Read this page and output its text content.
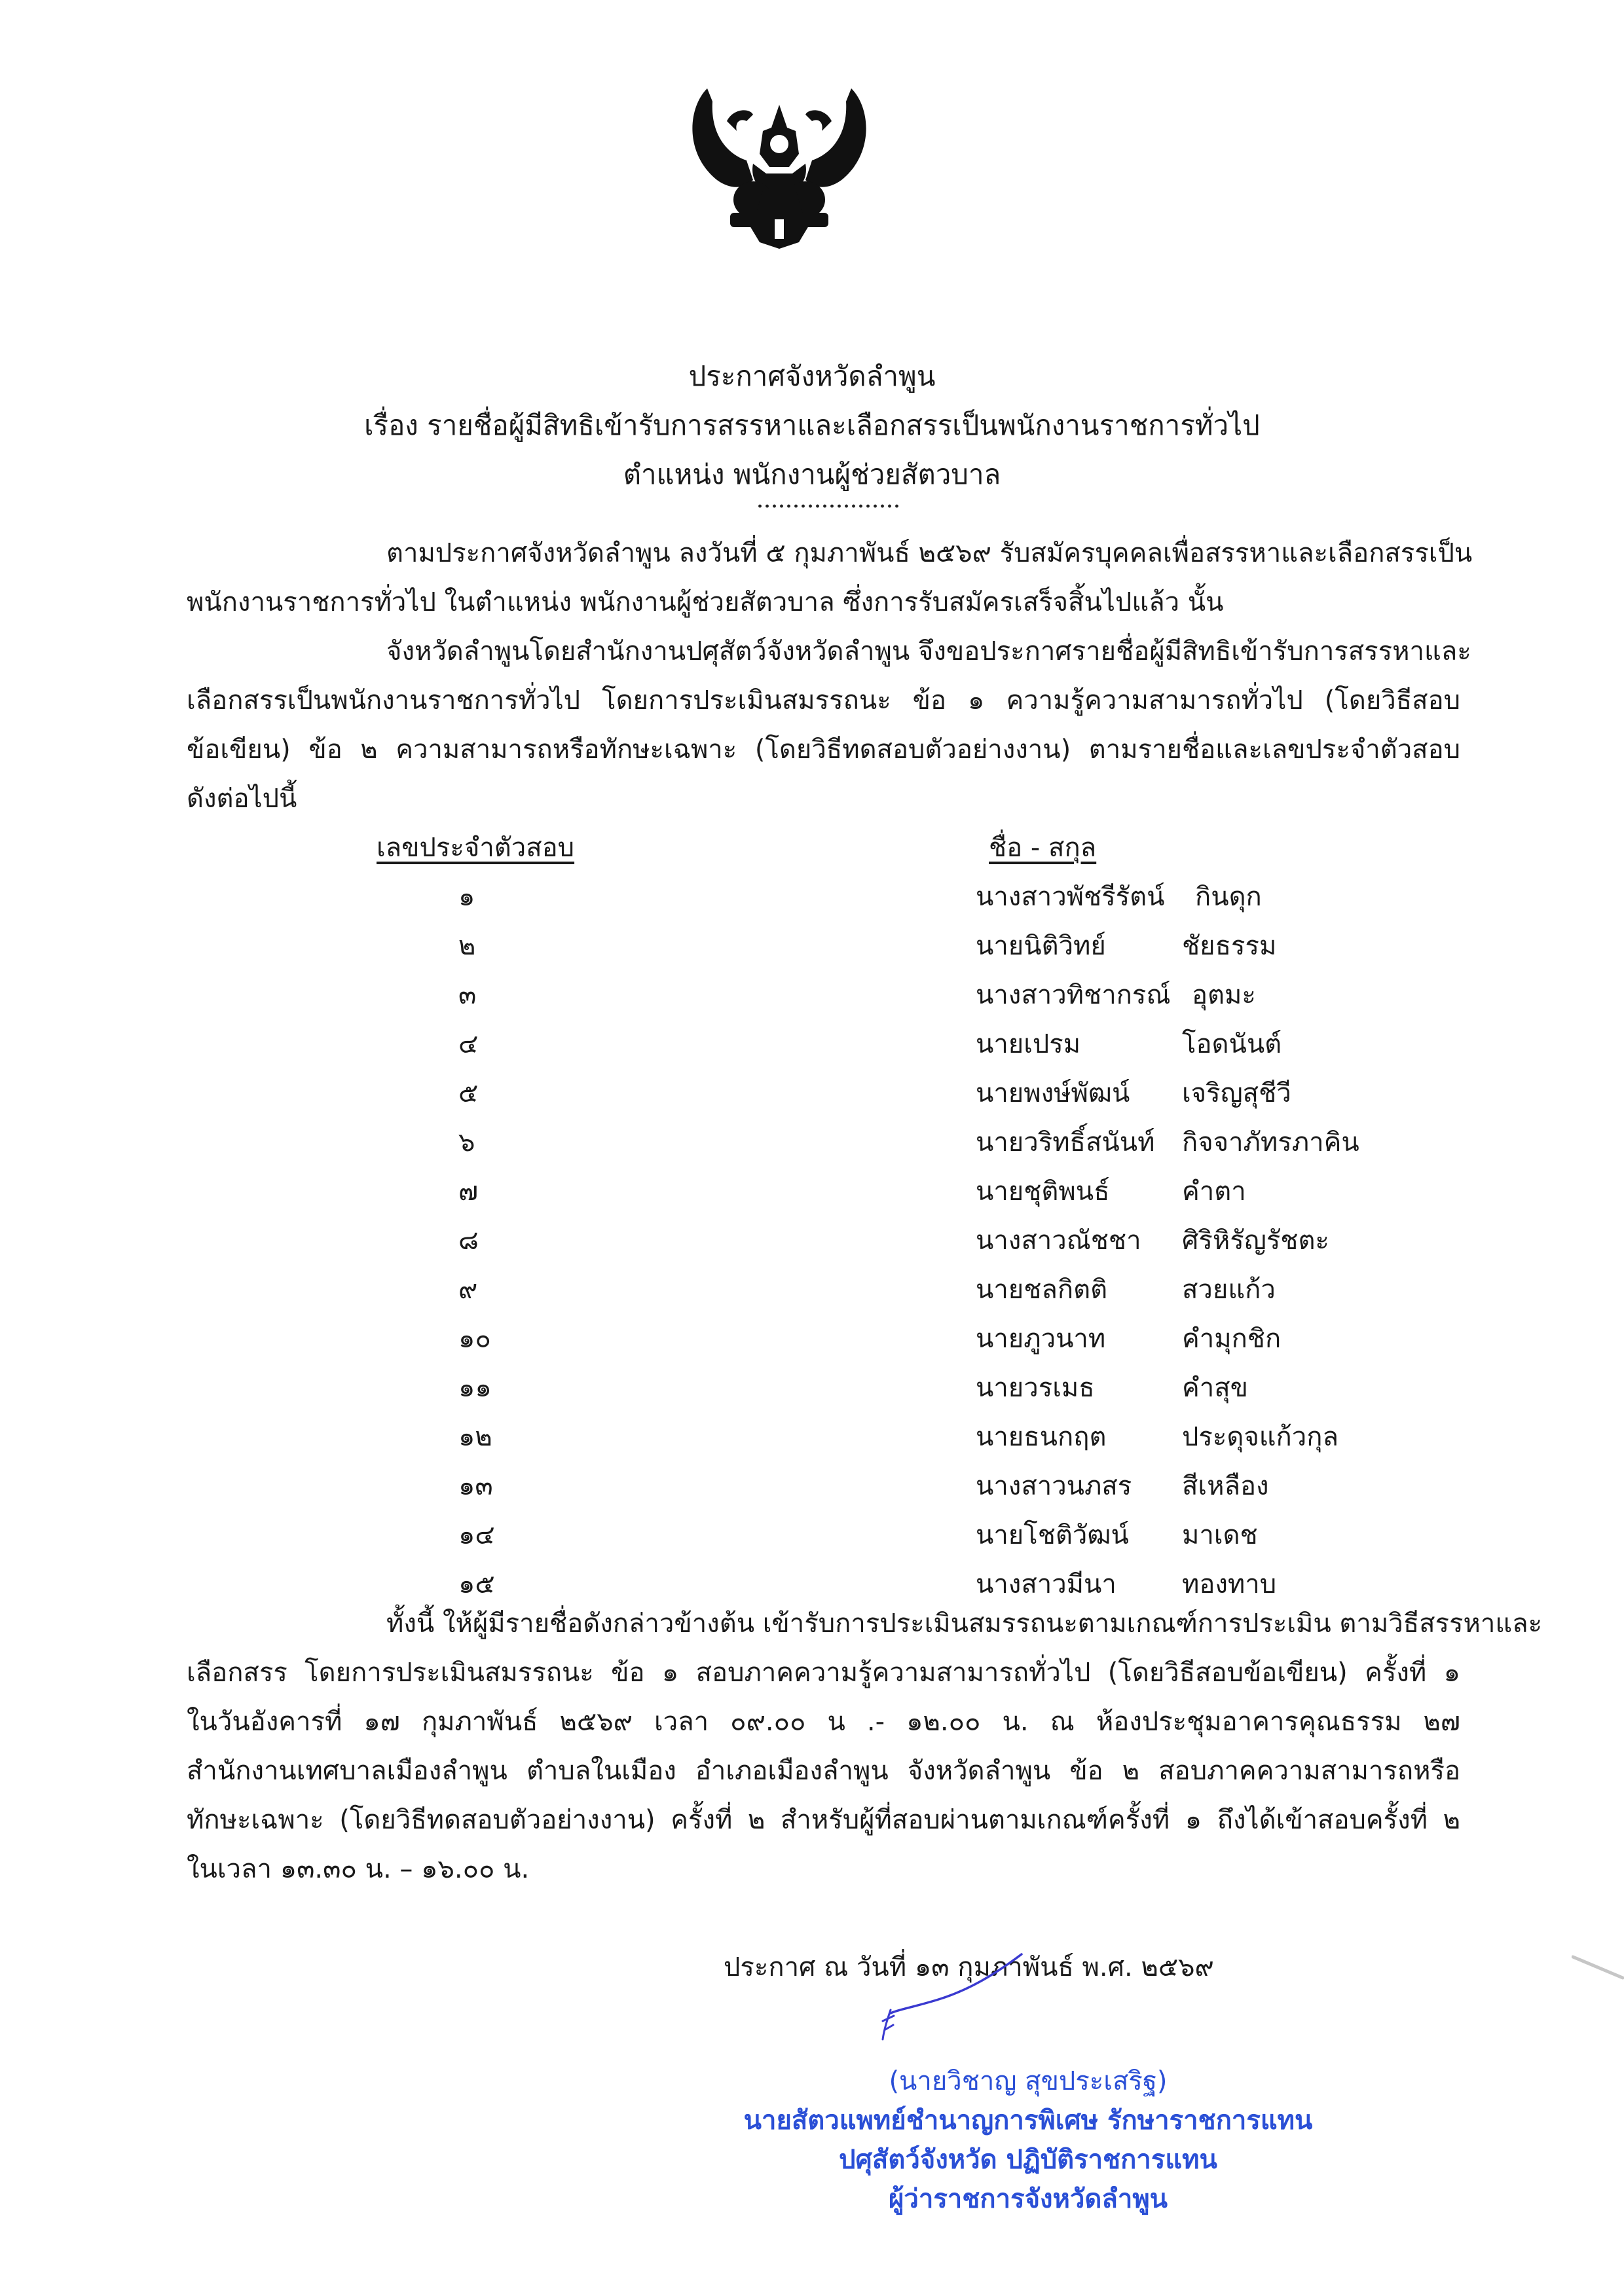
ประกาศจังหวัดลำพูน
เรื่อง รายชื่อผู้มีสิทธิเข้ารับการสรรหาและเลือกสรรเป็นพนักงานราชการทั่วไป
ตำแหน่ง พนักงานผู้ช่วยสัตวบาล
ตามประกาศจังหวัดลำพูน ลงวันที่ ๕ กุมภาพันธ์ ๒๕๖๙ รับสมัครบุคคลเพื่อสรรหาและเลือกสรรเป็น
พนักงานราชการทั่วไป ในตำแหน่ง พนักงานผู้ช่วยสัตวบาล ซึ่งการรับสมัครเสร็จสิ้นไปแล้ว นั้น
จังหวัดลำพูนโดยสำนักงานปศุสัตว์จังหวัดลำพูน จึงขอประกาศรายชื่อผู้มีสิทธิเข้ารับการสรรหาและ
เลือกสรรเป็นพนักงานราชการทั่วไป โดยการประเมินสมรรถนะ ข้อ ๑ ความรู้ความสามารถทั่วไป (โดยวิธีสอบ
ข้อเขียน) ข้อ ๒ ความสามารถหรือทักษะเฉพาะ (โดยวิธีทดสอบตัวอย่างงาน) ตามรายชื่อและเลขประจำตัวสอบ
ดังต่อไปนี้
เลขประจำตัวสอบ	ชื่อ - สกุล
๑	นางสาวพัชรีรัตน์ กินดุก
๒	นายนิติวิทย์	ชัยธรรม
๓	นางสาวทิชากรณ์ อุตมะ
๔	นายเปรม	โอดนันต์
๕	นายพงษ์พัฒน์ เจริญสุชีวี
๖	นายวริทธิ์สนันท์ กิจจาภัทรภาคิน
๗	นายชุติพนธ์	คำตา
๘	นางสาวณัชชา ศิริหิรัญรัชตะ
๙	นายชลกิตติ	สวยแก้ว
๑๐	นายภูวนาท	คำมุกชิก
๑๑	นายวรเมธ	คำสุข
๑๒	นายธนกฤต	ประดุจแก้วกุล
๑๓	นางสาวนภสร สีเหลือง
๑๔	นายโชติวัฒน์ มาเดช
๑๕	นางสาวมีนา	ทองทาบ
ทั้งนี้ ให้ผู้มีรายชื่อดังกล่าวข้างต้น เข้ารับการประเมินสมรรถนะตามเกณฑ์การประเมิน ตามวิธีสรรหาและ
เลือกสรร โดยการประเมินสมรรถนะ ข้อ ๑ สอบภาคความรู้ความสามารถทั่วไป (โดยวิธีสอบข้อเขียน) ครั้งที่ ๑
ในวันอังคารที่ ๑๗ กุมภาพันธ์ ๒๕๖๙ เวลา ๐๙.๐๐ น .- ๑๒.๐๐ น. ณ ห้องประชุมอาคารคุณธรรม ๒๗
สำนักงานเทศบาลเมืองลำพูน ตำบลในเมือง อำเภอเมืองลำพูน จังหวัดลำพูน ข้อ ๒ สอบภาคความสามารถหรือ
ทักษะเฉพาะ (โดยวิธีทดสอบตัวอย่างงาน) ครั้งที่ ๒ สำหรับผู้ที่สอบผ่านตามเกณฑ์ครั้งที่ ๑ ถึงได้เข้าสอบครั้งที่ ๒
ในเวลา ๑๓.๓๐ น. – ๑๖.๐๐ น.
ประกาศ ณ วันที่ ๑๓ กุมภาพันธ์ พ.ศ. ๒๕๖๙
(นายวิชาญ สุขประเสริฐ)
นายสัตวแพทย์ชำนาญการพิเศษ รักษาราชการแทน
ปศุสัตว์จังหวัด ปฏิบัติราชการแทน
ผู้ว่าราชการจังหวัดลำพูน
